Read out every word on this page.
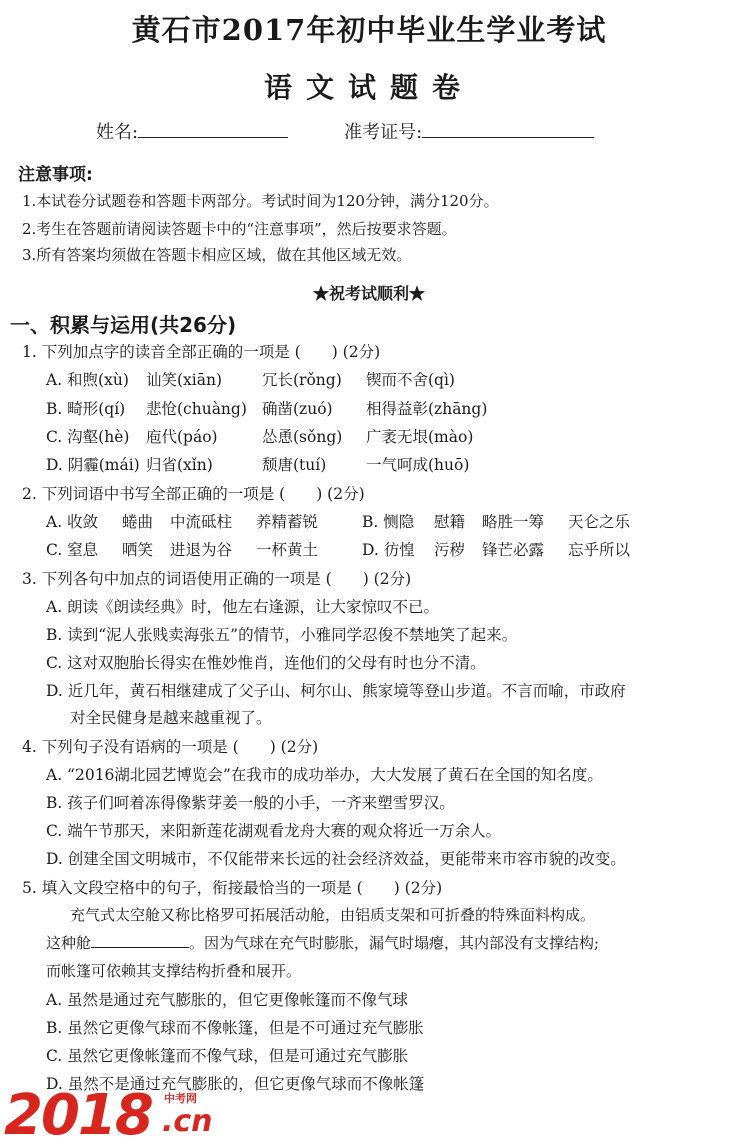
黄石市2017年初中毕业生学业考试
语文试题卷
姓名:	准考证号:
注意事项:
1.本试卷分试题卷和答题卡两部分。考试时间为120分钟，满分120分。
2.考生在答题前请阅读答题卡中的“注意事项”，然后按要求答题。
3.所有答案均须做在答题卡相应区域，做在其他区域无效。
★祝考试顺利★
一、积累与运用(共26分)
1. 下列加点字的读音全部正确的一项是 (　　) (2分)
A. 和煦(xù) 讪笑(xiān)	冗长(rǒng) 锲而不舍(qì)
B. 畸形(qí) 悲怆(chuàng) 确凿(zuó) 相得益彰(zhāng)
C. 沟壑(hè) 庖代(páo)	怂恿(sǒng) 广袤无垠(mào)
D. 阴霾(mái) 归省(xǐn)	颓唐(tuí)	一气呵成(huō)
2. 下列词语中书写全部正确的一项是 (　　) (2分)
A. 收敛 蜷曲 中流砥柱 养精蓄锐	B. 恻隐 慰籍 略胜一筹 天仑之乐
C. 窒息 哂笑 进退为谷 一杯黄土	D. 彷惶 污秽 锋芒必露 忘乎所以
3. 下列各句中加点的词语使用正确的一项是 (　　) (2分)
A. 朗读《朗读经典》时，他左右逢源，让大家惊叹不已。
B. 读到“泥人张贱卖海张五”的情节，小雅同学忍俊不禁地笑了起来。
C. 这对双胞胎长得实在惟妙惟肖，连他们的父母有时也分不清。
D. 近几年，黄石相继建成了父子山、柯尔山、熊家境等登山步道。不言而喻，市政府
对全民健身是越来越重视了。
4. 下列句子没有语病的一项是 (　　) (2分)
A. “2016湖北园艺博览会”在我市的成功举办，大大发展了黄石在全国的知名度。
B. 孩子们呵着冻得像紫芽姜一般的小手，一齐来塑雪罗汉。
C. 端午节那天，来阳新莲花湖观看龙舟大赛的观众将近一万余人。
D. 创建全国文明城市，不仅能带来长远的社会经济效益，更能带来市容市貌的改变。
5. 填入文段空格中的句子，衔接最恰当的一项是 (　　) (2分)
充气式太空舱又称比格罗可拓展活动舱，由铝质支架和可折叠的特殊面料构成。
这种舱	。因为气球在充气时膨胀，漏气时塌瘪，其内部没有支撑结构;
而帐篷可依赖其支撑结构折叠和展开。
A. 虽然是通过充气膨胀的，但它更像帐篷而不像气球
B. 虽然它更像气球而不像帐篷，但是不可通过充气膨胀
C. 虽然它更像帐篷而不像气球，但是可通过充气膨胀
D. 虽然不是通过充气膨胀的，但它更像气球而不像帐篷
2018 中考网
.cn
